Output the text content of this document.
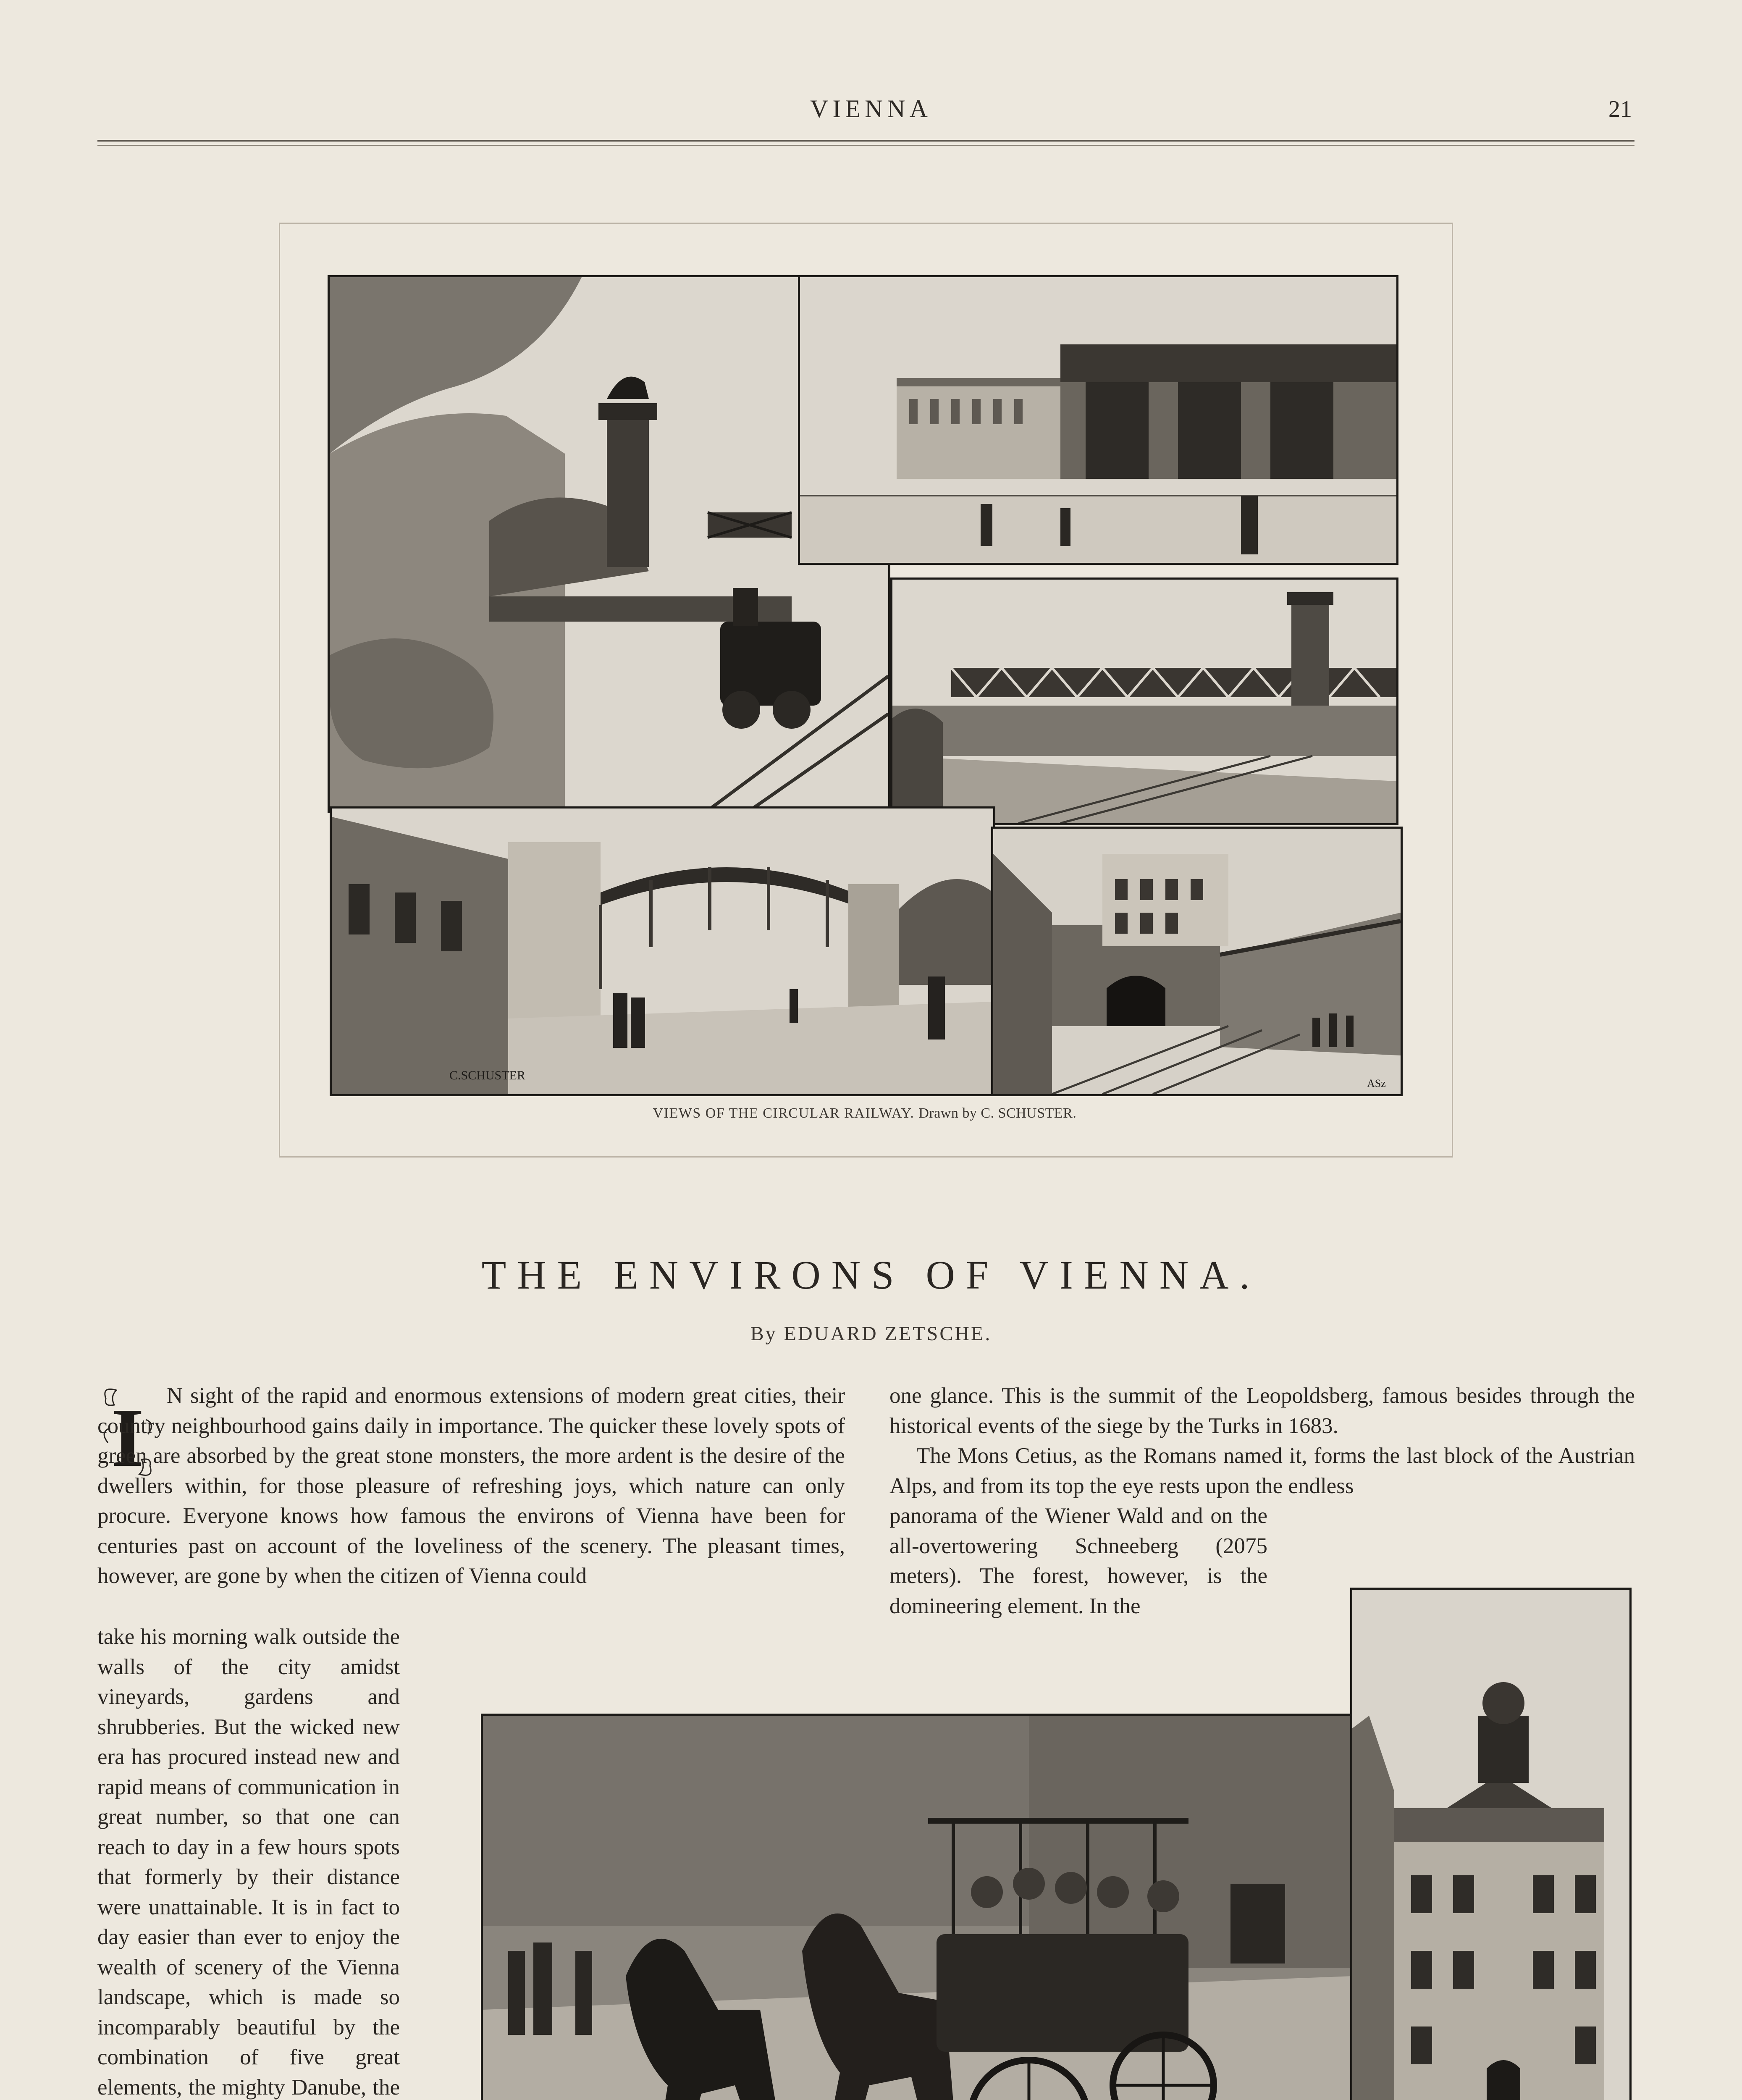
VIENNA	21
C.SCHUSTER
ASz
VIEWS OF THE CIRCULAR RAILWAY. Drawn by C. SCHUSTER.
THE ENVIRONS OF VIENNA.
By EDUARD ZETSCHE.
I	N sight of the rapid and enormous extensions of modern great cities, their country neighbourhood gains daily in importance. The quicker these lovely spots of green are absorbed by the great stone monsters, the more ardent is the desire of the dwellers within, for those pleasure of refreshing joys, which nature can only procure. Everyone knows how famous the environs of Vienna have been for centuries past on account of the loveliness of the scenery. The pleasant times, however, are gone by when the citizen of Vienna could

take his morning walk outside the walls of the city amidst vineyards, gardens and shrubberies. But the wicked new era has procured instead new and rapid means of communication in great number, so that one can reach to day in a few hours spots that formerly by their distance were unattainable. It is in fact to day easier than ever to enjoy the wealth of scenery of the Vienna landscape, which is made so incomparably beautiful by the combination of five great elements, the mighty Danube, the

one glance. This is the summit of the Leopoldsberg, famous besides through the historical events of the siege by the Turks in 1683.

The Mons Cetius, as the Romans named it, forms the last block of the Austrian Alps, and from its top the eye rests upon the endless

panorama of the Wiener Wald and on the all-overtowering Schneeberg (2075 meters). The forest, however, is the domineering element. In the
